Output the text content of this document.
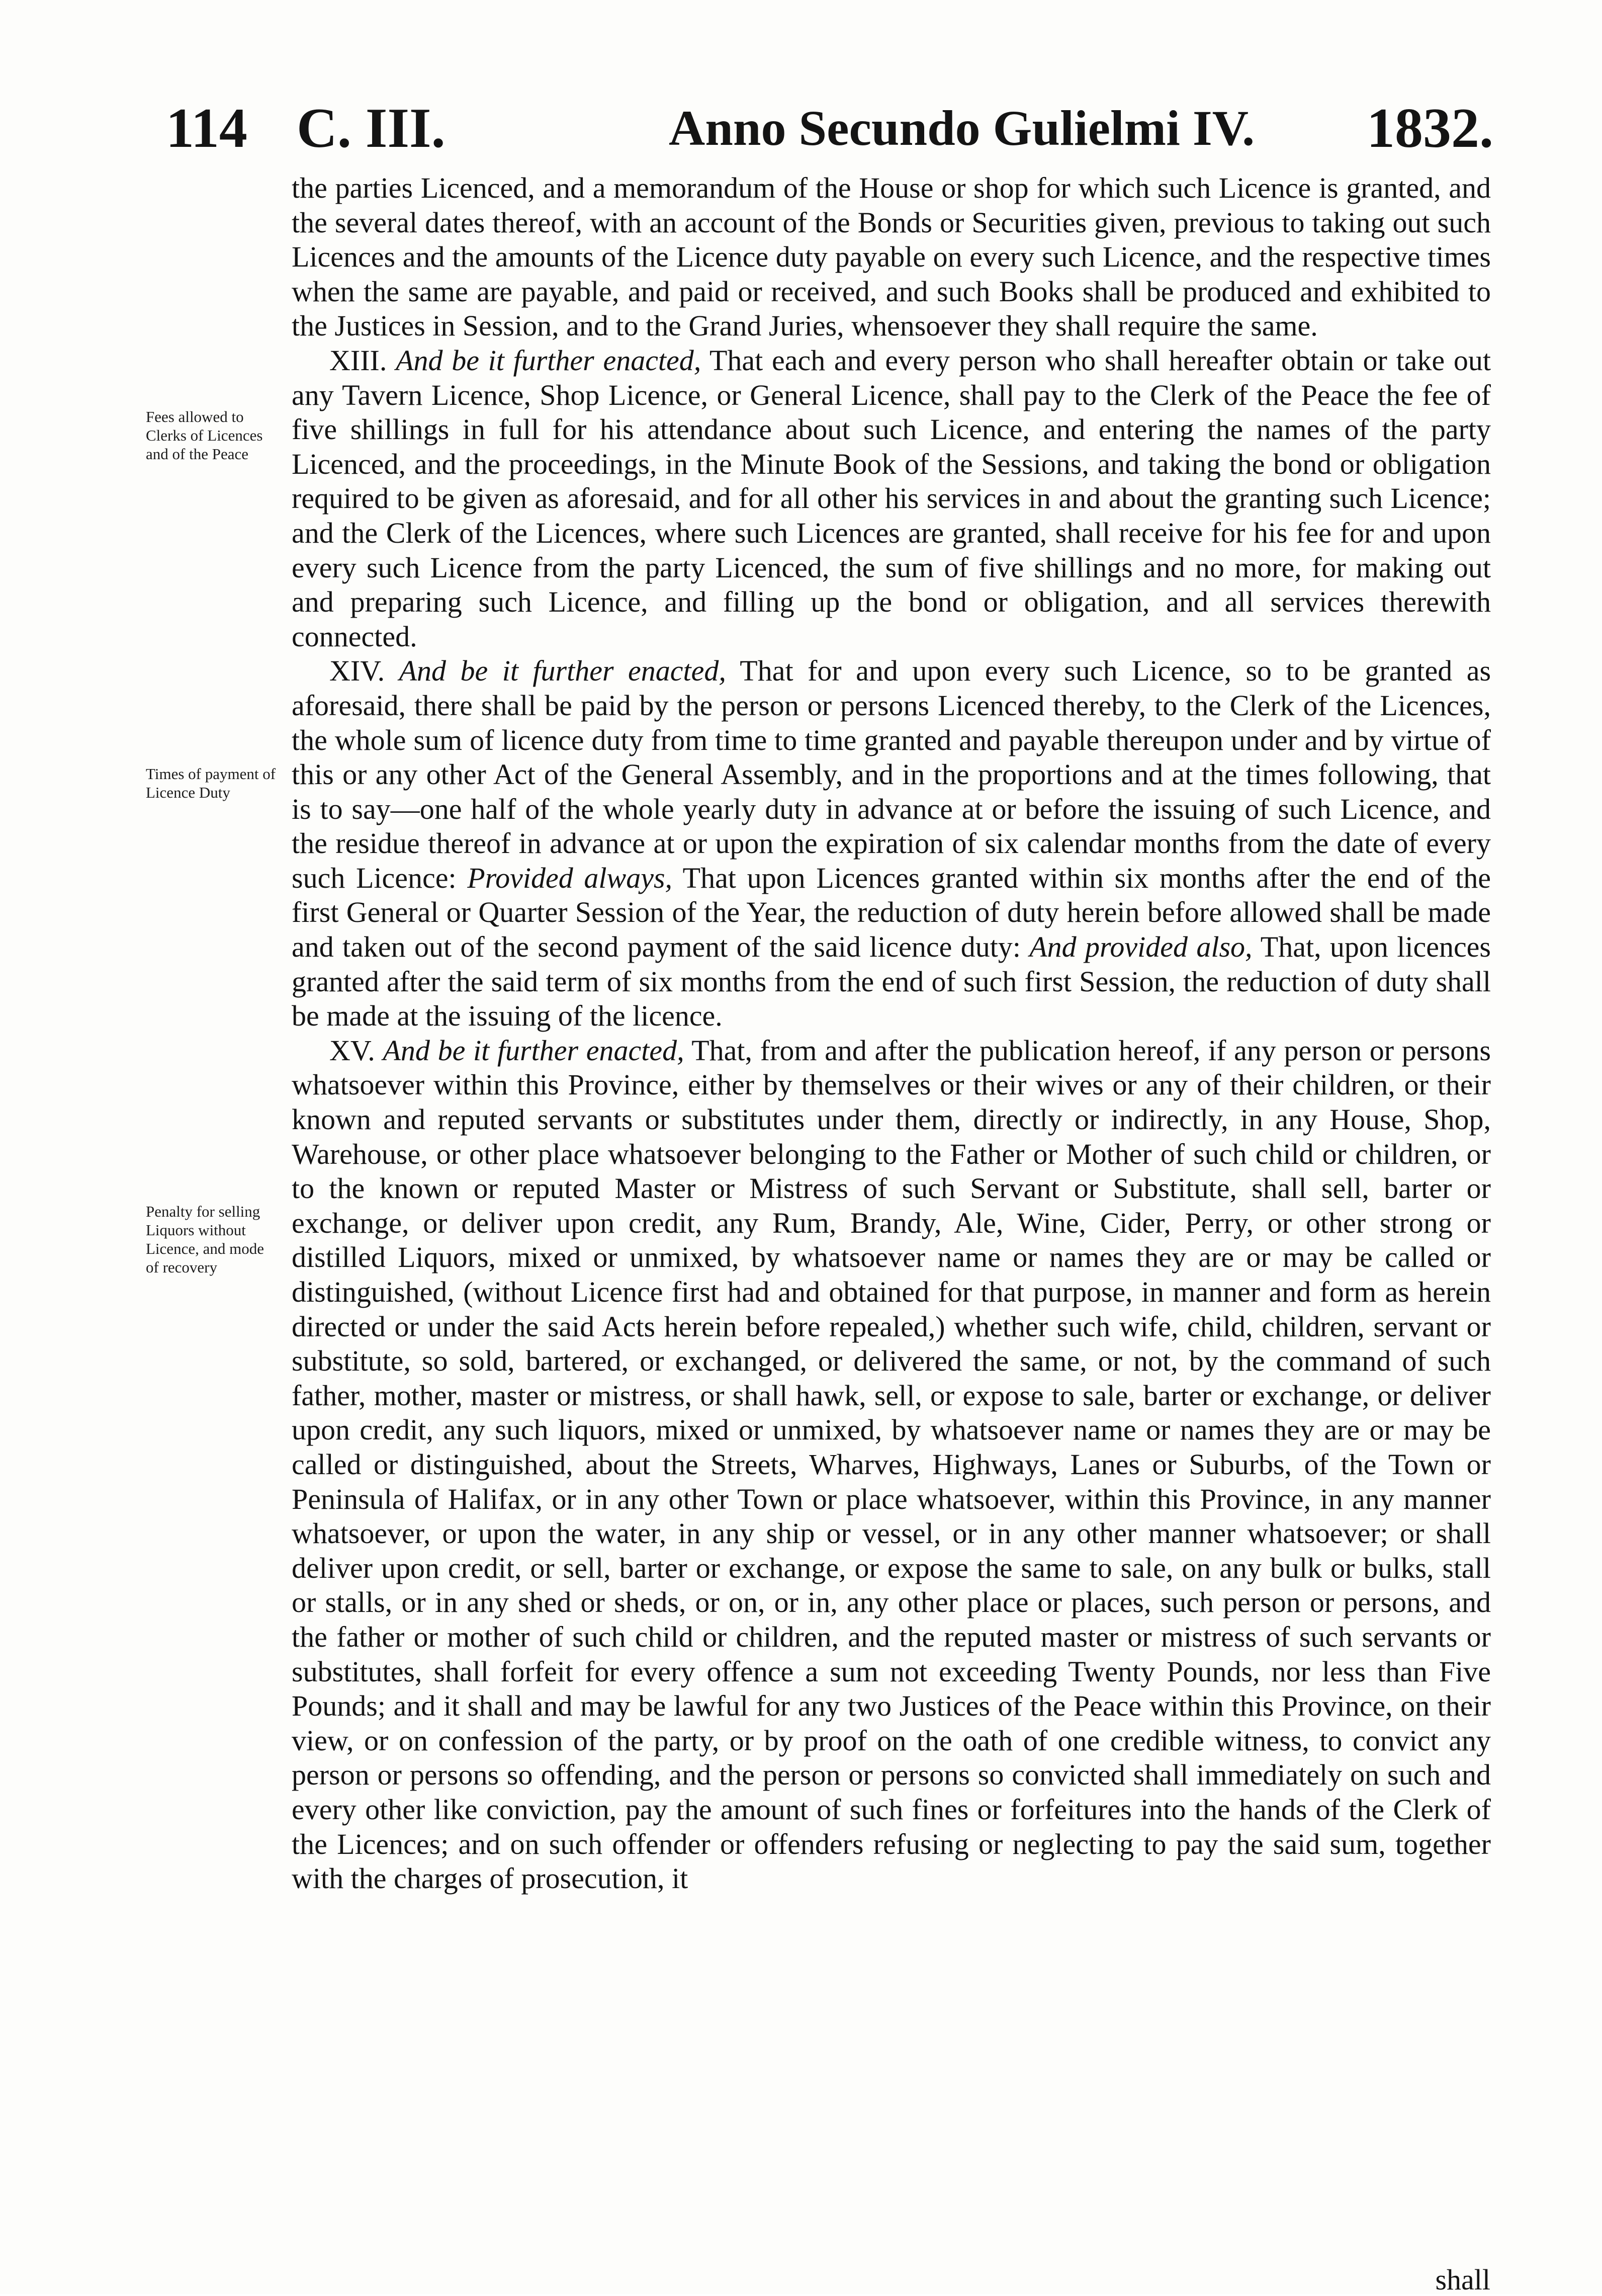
114 C. III.	Anno Secundo Gulielmi IV. 1832.
Fees allowed to Clerks of Licences and of the Peace
Times of payment of Licence Duty
Penalty for selling Liquors without Licence, and mode of recovery

the parties Licenced, and a memorandum of the House or shop for which such Licence is granted, and the several dates thereof, with an account of the Bonds or Securities given, previous to taking out such Licences and the amounts of the Licence duty payable on every such Licence, and the respective times when the same are payable, and paid or received, and such Books shall be produced and exhibited to the Justices in Session, and to the Grand Juries, whensoever they shall require the same.

XIII. And be it further enacted, That each and every person who shall hereafter obtain or take out any Tavern Licence, Shop Licence, or General Licence, shall pay to the Clerk of the Peace the fee of five shillings in full for his attendance about such Licence, and entering the names of the party Licenced, and the proceedings, in the Minute Book of the Sessions, and taking the bond or obligation required to be given as aforesaid, and for all other his services in and about the granting such Licence; and the Clerk of the Licences, where such Licences are granted, shall receive for his fee for and upon every such Licence from the party Licenced, the sum of five shillings and no more, for making out and preparing such Licence, and filling up the bond or obligation, and all services therewith connected.

XIV. And be it further enacted, That for and upon every such Licence, so to be granted as aforesaid, there shall be paid by the person or persons Licenced thereby, to the Clerk of the Licences, the whole sum of licence duty from time to time granted and payable thereupon under and by virtue of this or any other Act of the General Assembly, and in the proportions and at the times following, that is to say—one half of the whole yearly duty in advance at or before the issuing of such Licence, and the residue thereof in advance at or upon the expiration of six calendar months from the date of every such Licence: Provided always, That upon Licences granted within six months after the end of the first General or Quarter Session of the Year, the reduction of duty herein before allowed shall be made and taken out of the second payment of the said licence duty: And provided also, That, upon licences granted after the said term of six months from the end of such first Session, the reduction of duty shall be made at the issuing of the licence.

XV. And be it further enacted, That, from and after the publication hereof, if any person or persons whatsoever within this Province, either by themselves or their wives or any of their children, or their known and reputed servants or substitutes under them, directly or indirectly, in any House, Shop, Warehouse, or other place whatsoever belonging to the Father or Mother of such child or children, or to the known or reputed Master or Mistress of such Servant or Substitute, shall sell, barter or exchange, or deliver upon credit, any Rum, Brandy, Ale, Wine, Cider, Perry, or other strong or distilled Liquors, mixed or unmixed, by whatsoever name or names they are or may be called or distinguished, (without Licence first had and obtained for that purpose, in manner and form as herein directed or under the said Acts herein before repealed,) whether such wife, child, children, servant or substitute, so sold, bartered, or exchanged, or delivered the same, or not, by the command of such father, mother, master or mistress, or shall hawk, sell, or expose to sale, barter or exchange, or deliver upon credit, any such liquors, mixed or unmixed, by whatsoever name or names they are or may be called or distinguished, about the Streets, Wharves, Highways, Lanes or Suburbs, of the Town or Peninsula of Halifax, or in any other Town or place whatsoever, within this Province, in any manner whatsoever, or upon the water, in any ship or vessel, or in any other manner whatsoever; or shall deliver upon credit, or sell, barter or exchange, or expose the same to sale, on any bulk or bulks, stall or stalls, or in any shed or sheds, or on, or in, any other place or places, such person or persons, and the father or mother of such child or children, and the reputed master or mistress of such servants or substitutes, shall forfeit for every offence a sum not exceeding Twenty Pounds, nor less than Five Pounds; and it shall and may be lawful for any two Justices of the Peace within this Province, on their view, or on confession of the party, or by proof on the oath of one credible witness, to convict any person or persons so offending, and the person or persons so convicted shall immediately on such and every other like conviction, pay the amount of such fines or forfeitures into the hands of the Clerk of the Licences; and on such offender or offenders refusing or neglecting to pay the said sum, together with the charges of prosecution, it

shall
